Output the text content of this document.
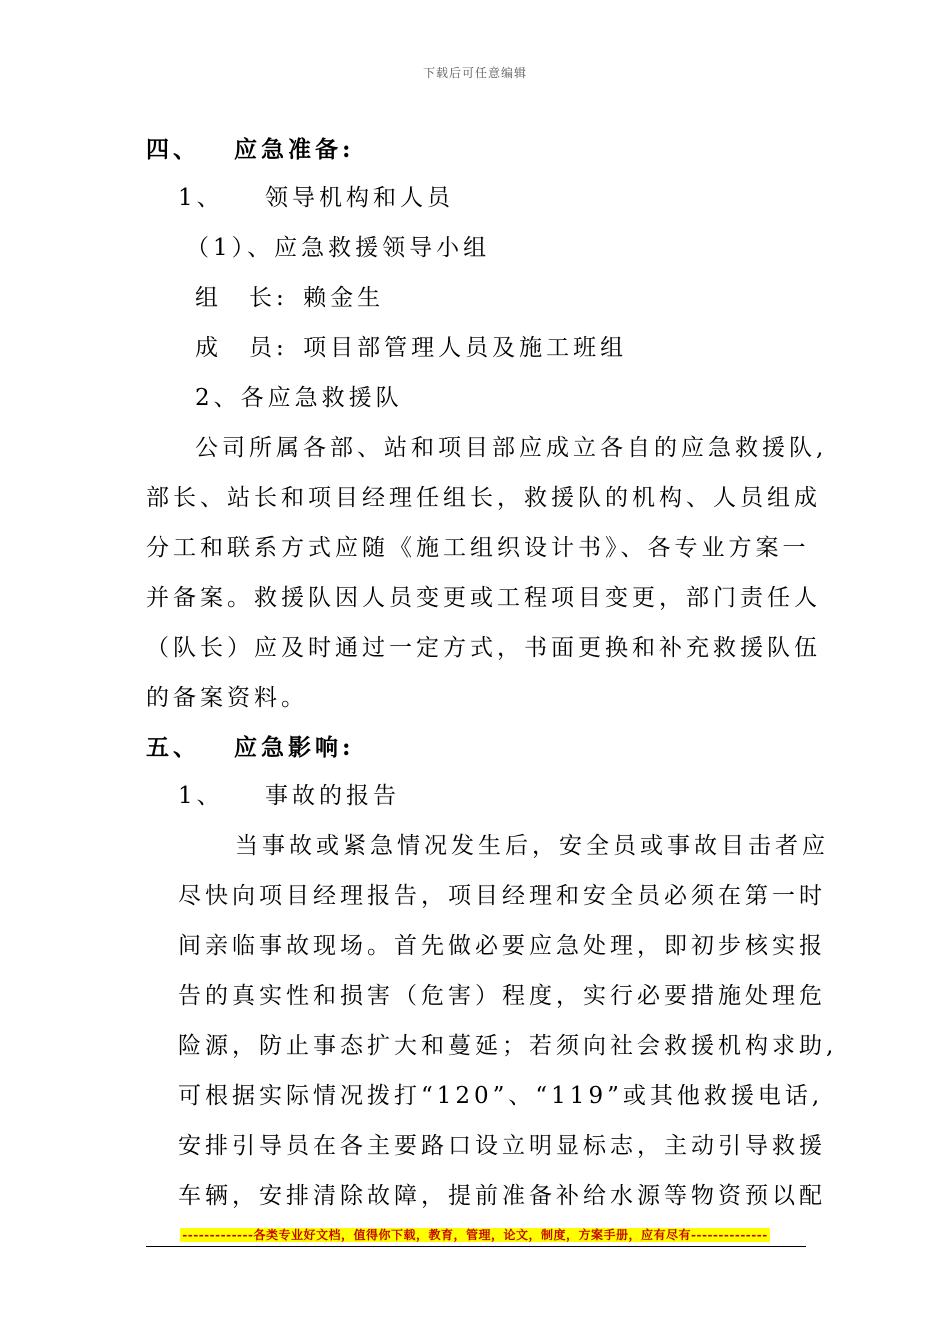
下载后可任意编辑
四、 应急准备:
1、 领导机构和人员
（1）、应急救援领导小组
组　长: 赖金生
成　员: 项目部管理人员及施工班组
2、各应急救援队
公司所属各部、站和项目部应成立各自的应急救援队,
部长、站长和项目经理任组长，救援队的机构、人员组成
分工和联系方式应随《施工组织设计书》、各专业方案一
并备案。救援队因人员变更或工程项目变更，部门责任人
（队长）应及时通过一定方式，书面更换和补充救援队伍
的备案资料。
五、 应急影响:
1、 事故的报告
当事故或紧急情况发生后，安全员或事故目击者应
尽快向项目经理报告，项目经理和安全员必须在第一时
间亲临事故现场。首先做必要应急处理，即初步核实报
告的真实性和损害（危害）程度，实行必要措施处理危
险源，防止事态扩大和蔓延；若须向社会救援机构求助,
可根据实际情况拨打“120”、“119”或其他救援电话,
安排引导员在各主要路口设立明显标志，主动引导救援
车辆，安排清除故障，提前准备补给水源等物资预以配
-------------各类专业好文档，值得你下载，教育，管理，论文，制度，方案手册，应有尽有--------------
